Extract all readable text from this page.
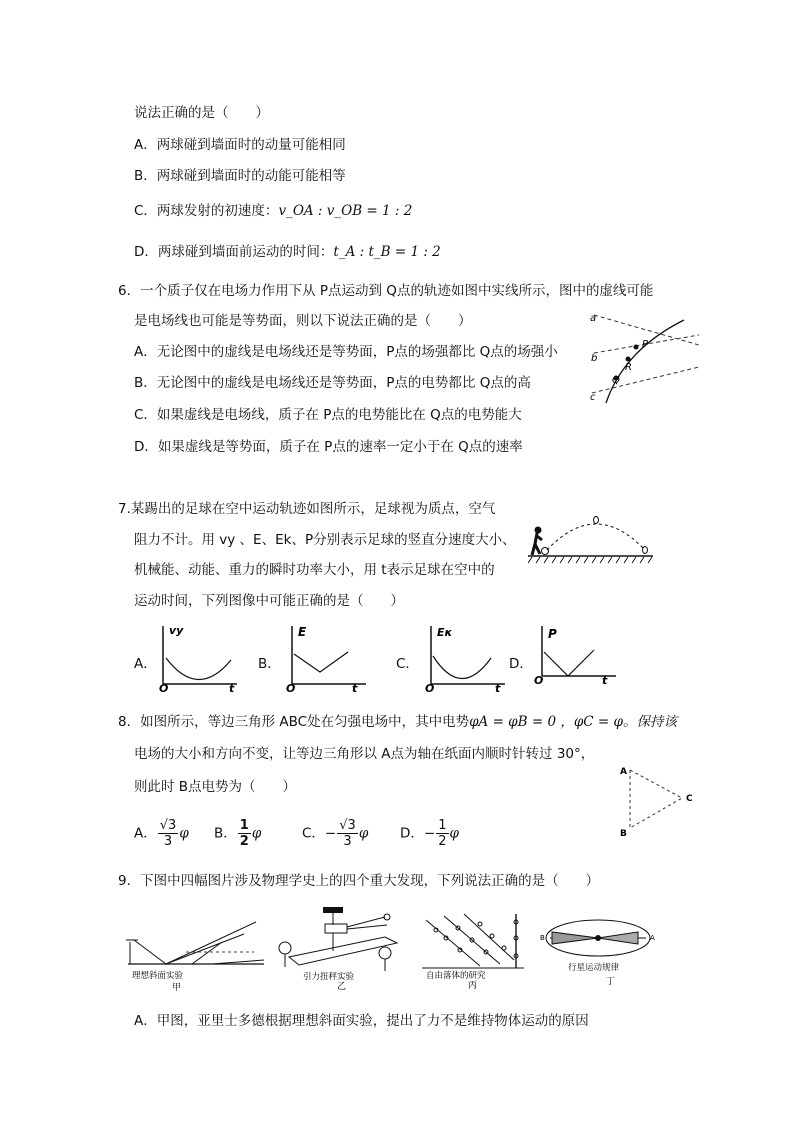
说法正确的是（　　）
A．两球碰到墙面时的动量可能相同
B．两球碰到墙面时的动能可能相等
C．两球发射的初速度：v_OA : v_OB = 1 : 2
D．两球碰到墙面前运动的时间：t_A : t_B = 1 : 2
6．一个质子仅在电场力作用下从 P点运动到 Q点的轨迹如图中实线所示，图中的虚线可能
是电场线也可能是等势面，则以下说法正确的是（　　）
A．无论图中的虚线是电场线还是等势面，P点的场强都比 Q点的场强小
B．无论图中的虚线是电场线还是等势面，P点的电势都比 Q点的高
C．如果虚线是电场线，质子在 P点的电势能比在 Q点的电势能大
D．如果虚线是等势面，质子在 P点的速率一定小于在 Q点的速率
a
b
c
P
R
Q
7.某踢出的足球在空中运动轨迹如图所示，足球视为质点，空气
阻力不计。用 vy 、E、Ek、P分别表示足球的竖直分速度大小、
机械能、动能、重力的瞬时功率大小，用 t表示足球在空中的
运动时间，下列图像中可能正确的是（　　）
A．
vy
t
O
B．
E
t
O
C．
Eκ
t
O
D．
P
t
O
8．如图所示，等边三角形 ABC处在匀强电场中，其中电势φA = φB = 0 ，φC = φ。保持该
电场的大小和方向不变，让等边三角形以 A点为轴在纸面内顺时针转过 30°，
则此时 B点电势为（　　）
A
B
C
A． $\frac{√3}{3}$ φ B． $\frac{1}{2}$ φ	C．− $\frac{√3}{3}$ φ D．− $\frac{1}{2}$ φ
9．下图中四幅图片涉及物理学史上的四个重大发现，下列说法正确的是（　　）
理想斜面实验
甲
引力扭秤实验
乙
自由落体的研究
丙
B	A
行星运动规律
丁
A．甲图，亚里士多德根据理想斜面实验，提出了力不是维持物体运动的原因
